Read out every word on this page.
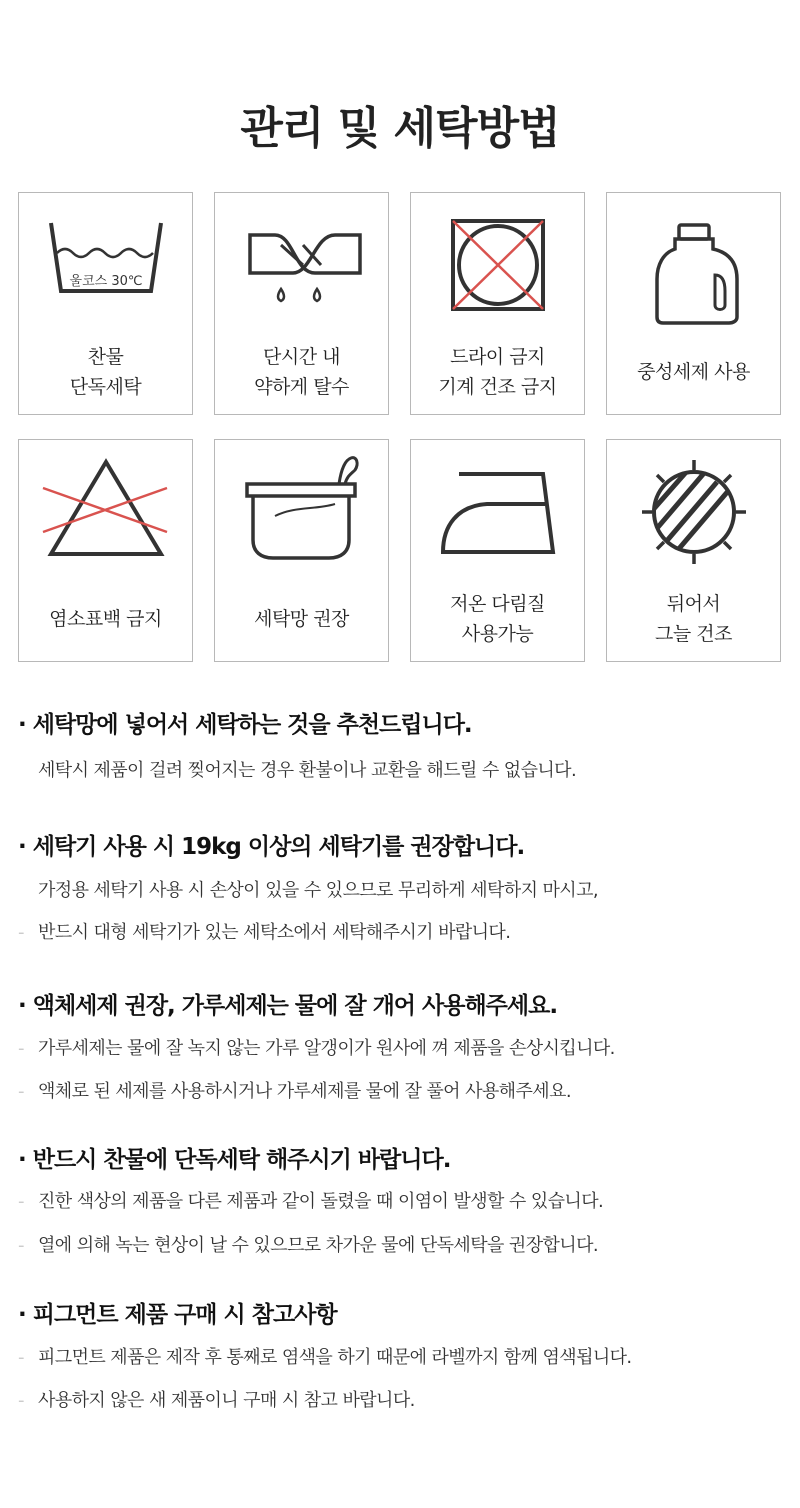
관리 및 세탁방법
울코스 30℃
찬물
단독세탁
단시간 내
약하게 탈수
드라이 금지
기계 건조 금지
중성세제 사용
염소표백 금지	세탁망 권장
저온 다림질
사용가능
뒤어서
그늘 건조
· 세탁망에 넣어서 세탁하는 것을 추천드립니다.
세탁시 제품이 걸려 찢어지는 경우 환불이나 교환을 해드릴 수 없습니다.
· 세탁기 사용 시 19kg 이상의 세탁기를 권장합니다.
가정용 세탁기 사용 시 손상이 있을 수 있으므로 무리하게 세탁하지 마시고,
- 반드시 대형 세탁기가 있는 세탁소에서 세탁해주시기 바랍니다.
· 액체세제 권장, 가루세제는 물에 잘 개어 사용해주세요.
- 가루세제는 물에 잘 녹지 않는 가루 알갱이가 원사에 껴 제품을 손상시킵니다.
- 액체로 된 세제를 사용하시거나 가루세제를 물에 잘 풀어 사용해주세요.
· 반드시 찬물에 단독세탁 해주시기 바랍니다.
- 진한 색상의 제품을 다른 제품과 같이 돌렸을 때 이염이 발생할 수 있습니다.
- 열에 의해 녹는 현상이 날 수 있으므로 차가운 물에 단독세탁을 권장합니다.
· 피그먼트 제품 구매 시 참고사항
- 피그먼트 제품은 제작 후 통째로 염색을 하기 때문에 라벨까지 함께 염색됩니다.
- 사용하지 않은 새 제품이니 구매 시 참고 바랍니다.
